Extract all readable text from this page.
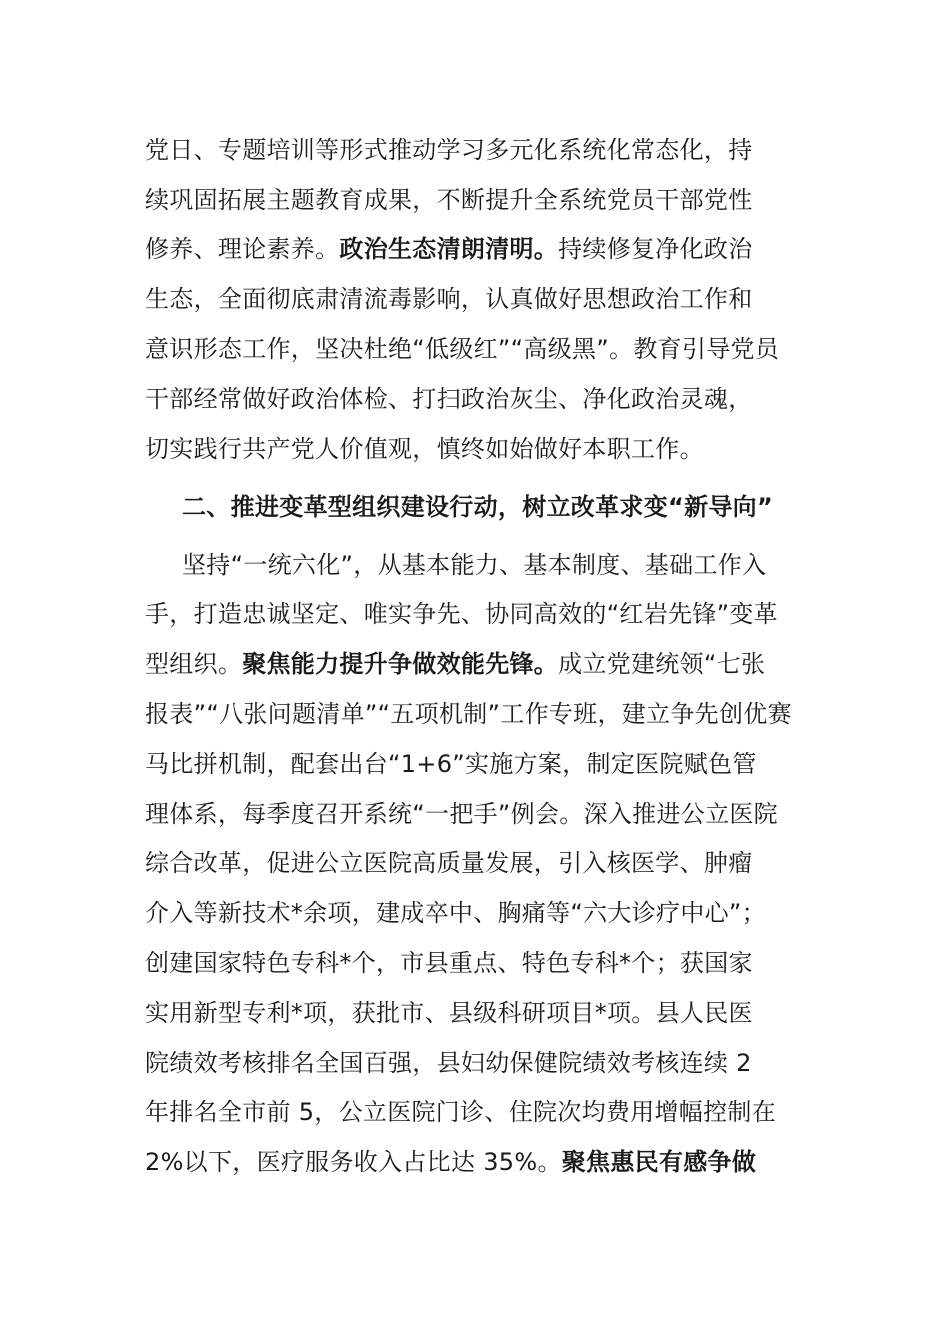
党日、专题培训等形式推动学习多元化系统化常态化，持
续巩固拓展主题教育成果，不断提升全系统党员干部党性
修养、理论素养。政治生态清朗清明。持续修复净化政治
生态，全面彻底肃清流毒影响，认真做好思想政治工作和
意识形态工作，坚决杜绝“低级红”“高级黑”。教育引导党员
干部经常做好政治体检、打扫政治灰尘、净化政治灵魂，
切实践行共产党人价值观，慎终如始做好本职工作。
二、推进变革型组织建设行动，树立改革求变“新导向”
坚持“一统六化”，从基本能力、基本制度、基础工作入
手，打造忠诚坚定、唯实争先、协同高效的“红岩先锋”变革
型组织。聚焦能力提升争做效能先锋。成立党建统领“七张
报表”“八张问题清单”“五项机制”工作专班，建立争先创优赛
马比拼机制，配套出台“1+6”实施方案，制定医院赋色管
理体系，每季度召开系统“一把手”例会。深入推进公立医院
综合改革，促进公立医院高质量发展，引入核医学、肿瘤
介入等新技术*余项，建成卒中、胸痛等“六大诊疗中心”；
创建国家特色专科*个，市县重点、特色专科*个；获国家
实用新型专利*项，获批市、县级科研项目*项。县人民医
院绩效考核排名全国百强，县妇幼保健院绩效考核连续 2
年排名全市前 5，公立医院门诊、住院次均费用增幅控制在
2%以下，医疗服务收入占比达 35%。聚焦惠民有感争做
